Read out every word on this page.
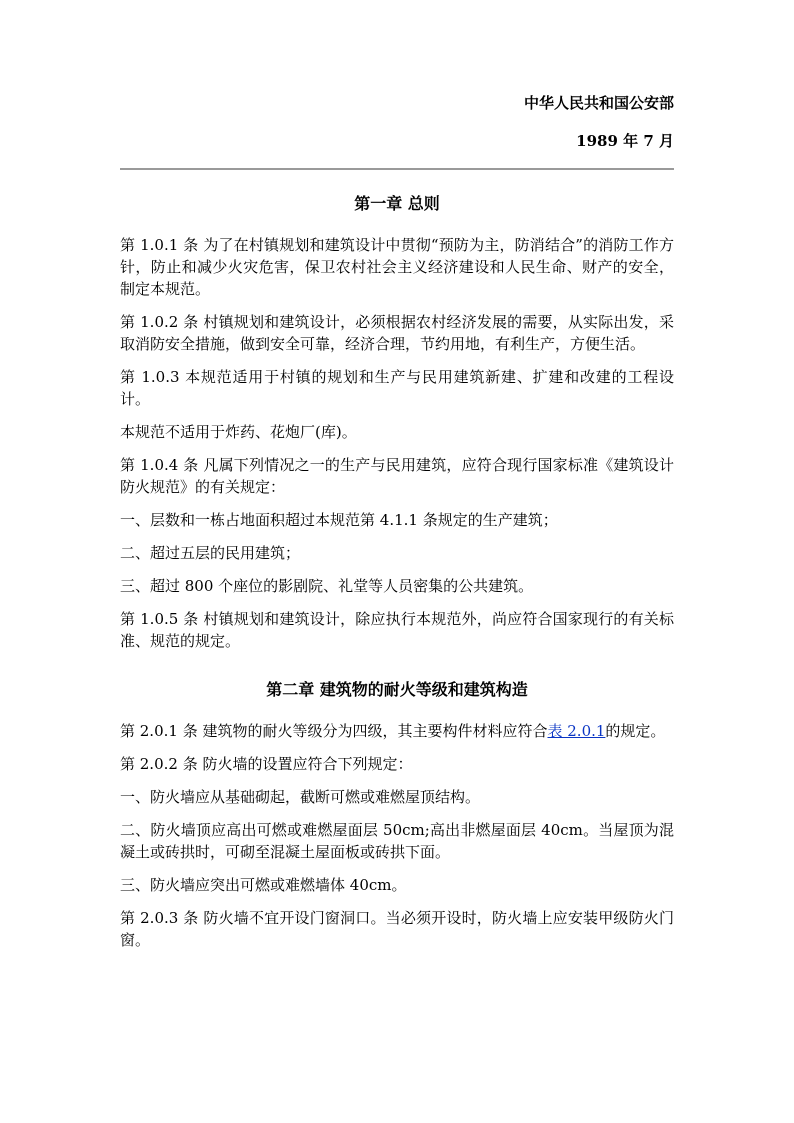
中华人民共和国公安部
1989 年 7 月
第一章 总则

第 1.0.1 条 为了在村镇规划和建筑设计中贯彻“预防为主，防消结合”的消防工作方针，防止和减少火灾危害，保卫农村社会主义经济建设和人民生命、财产的安全，制定本规范。

第 1.0.2 条 村镇规划和建筑设计，必须根据农村经济发展的需要，从实际出发，采取消防安全措施，做到安全可靠，经济合理，节约用地，有利生产，方便生活。

第 1.0.3 本规范适用于村镇的规划和生产与民用建筑新建、扩建和改建的工程设计。

本规范不适用于炸药、花炮厂(库)。

第 1.0.4 条 凡属下列情况之一的生产与民用建筑，应符合现行国家标准《建筑设计防火规范》的有关规定：

一、层数和一栋占地面积超过本规范第 4.1.1 条规定的生产建筑；

二、超过五层的民用建筑；

三、超过 800 个座位的影剧院、礼堂等人员密集的公共建筑。

第 1.0.5 条 村镇规划和建筑设计，除应执行本规范外，尚应符合国家现行的有关标准、规范的规定。

第二章 建筑物的耐火等级和建筑构造

第 2.0.1 条 建筑物的耐火等级分为四级，其主要构件材料应符合表 2.0.1的规定。

第 2.0.2 条 防火墙的设置应符合下列规定：

一、防火墙应从基础砌起，截断可燃或难燃屋顶结构。

二、防火墙顶应高出可燃或难燃屋面层 50cm;高出非燃屋面层 40cm。当屋顶为混凝土或砖拱时，可砌至混凝土屋面板或砖拱下面。

三、防火墙应突出可燃或难燃墙体 40cm。

第 2.0.3 条 防火墙不宜开设门窗洞口。当必须开设时，防火墙上应安装甲级防火门窗。
